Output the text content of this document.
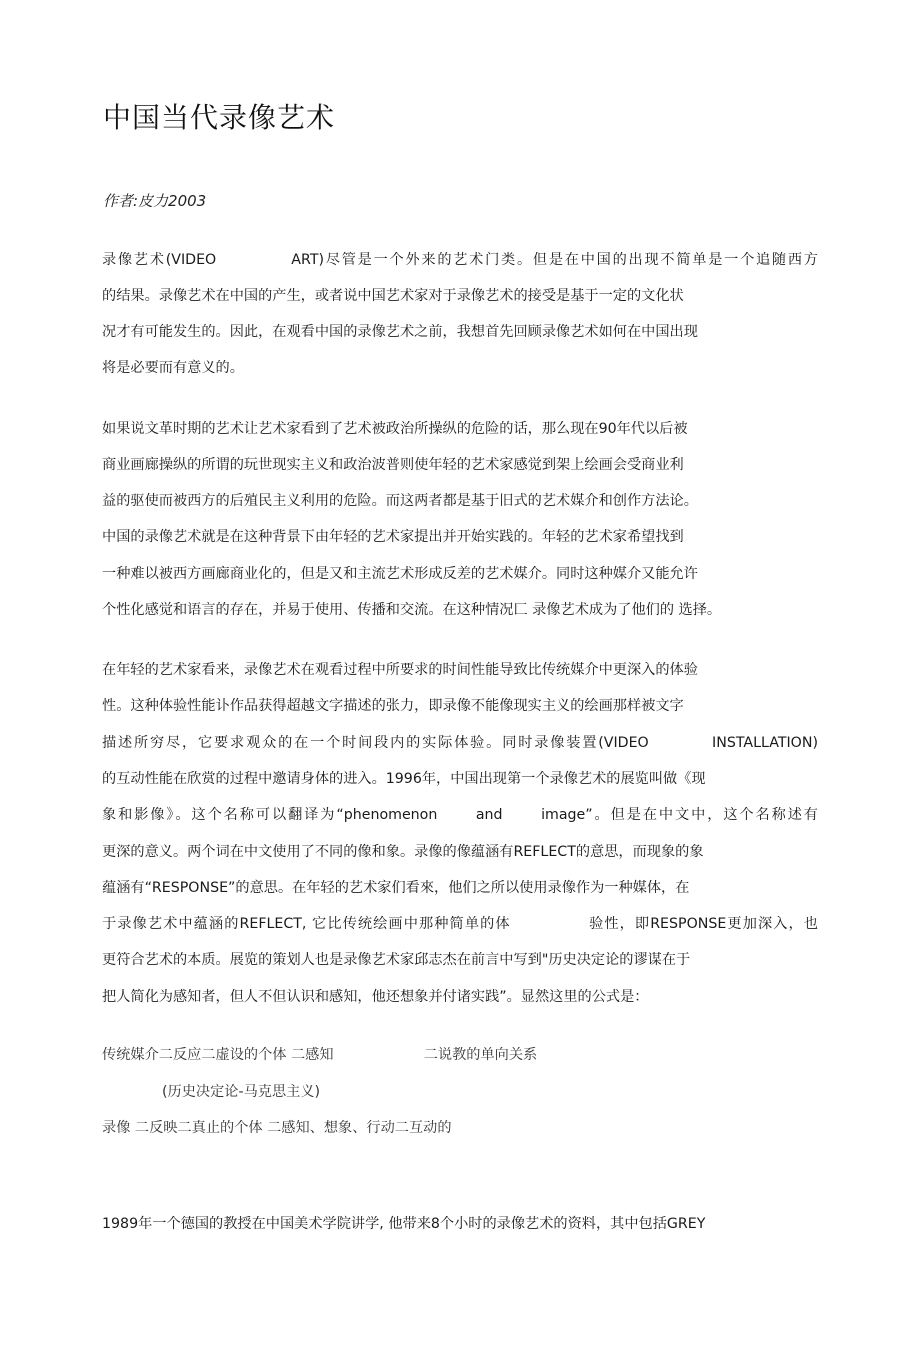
中国当代录像艺术
作者:皮力2003
录像艺术(VIDEO            ART)尽管是一个外来的艺术门类。但是在中国的出现不简单是一个追随西方
的结果。录像艺术在中国的产生，或者说中国艺术家对于录像艺术的接受是基于一定的文化状
况才有可能发生的。因此，在观看中国的录像艺术之前，我想首先回顾录像艺术如何在中国出现
将是必要而有意义的。
如果说文革时期的艺术让艺术家看到了艺术被政治所操纵的危险的话，那么现在90年代以后被
商业画廊操纵的所谓的玩世现实主义和政治波普则使年轻的艺术家感觉到架上绘画会受商业利
益的驱使而被西方的后殖民主义利用的危险。而这两者都是基于旧式的艺术媒介和创作方法论。
中国的录像艺术就是在这种背景下由年轻的艺术家提出并开始实践的。年轻的艺术家希望找到
一种难以被西方画廊商业化的，但是又和主流艺术形成反差的艺术媒介。同时这种媒介又能允许
个性化感觉和语言的存在，并易于使用、传播和交流。在这种情况匚 录像艺术成为了他们的 选择。
在年轻的艺术家看来，录像艺术在观看过程中所要求的时间性能导致比传统媒介中更深入的体验
性。这种体验性能讣作品获得超越文字描述的张力，即录像不能像现实主义的绘画那样被文字
描述所穷尽，它要求观众的在一个时间段内的实际体验。同时录像装置(VIDEO          INSTALLATION)
的互动性能在欣赏的过程中邀请身体的进入。1996年，中国出现第一个录像艺术的展览叫做《现
象和影像》。这个名称可以翻译为“phenomenon      and      image”。但是在中文中，这个名称述有
更深的意义。两个词在中文使用了不同的像和象。录像的像蕴涵有REFLECT的意思，而现象的象
蕴涵有“RESPONSE”的意思。在年轻的艺术家们看來，他们之所以使用录像作为一种媒体，在
于录像艺术中蕴涵的REFLECT, 它比传统绘画中那种简单的体              验性，即RESPONSE更加深入，也
更符合艺术的本质。展览的策划人也是录像艺术家邱志杰在前言中写到"历史决定论的谬谋在于
把人简化为感知者，但人不但认识和感知，他还想象并付诸实践”。显然这里的公式是：
传统媒介二反应二虚设的个体 二感知                    二说教的单向关系
(历史决定论-马克思主义)
录像 二反映二真止的个体 二感知、想象、行动二互动的
1989年一个德国的教授在中国美术学院讲学, 他带来8个小时的录像艺术的资料，其中包括GREY
